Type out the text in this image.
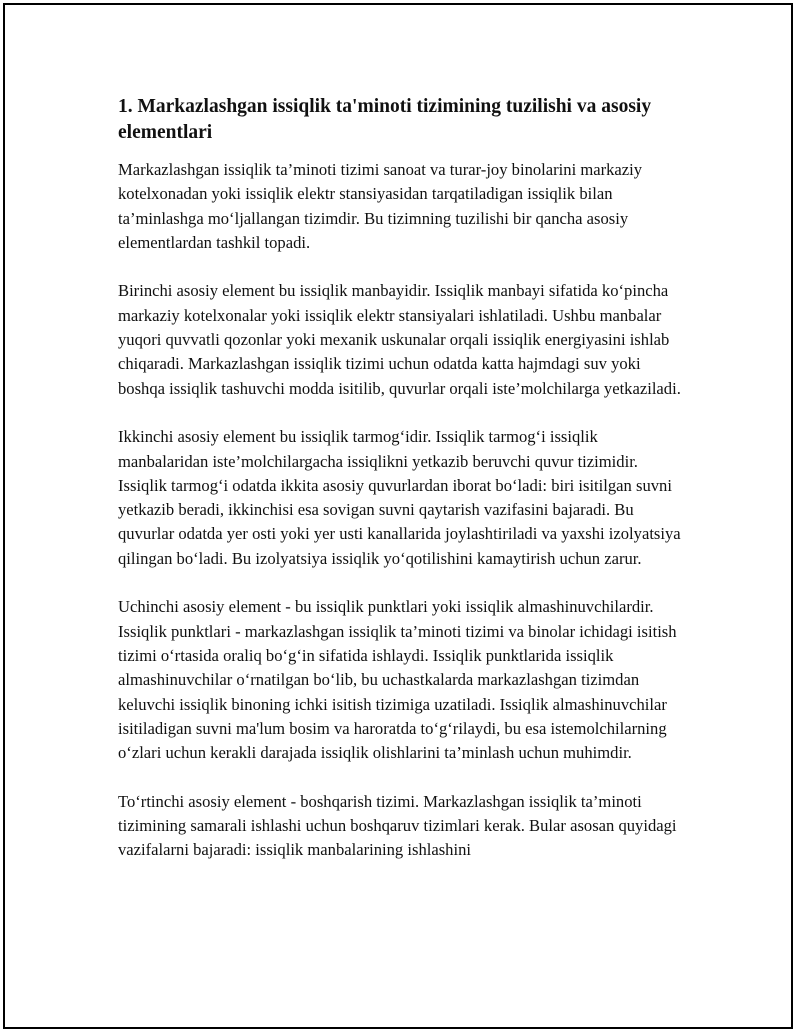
1. Markazlashgan issiqlik ta'minoti tizimining tuzilishi va asosiy elementlari

Markazlashgan issiqlik ta’minoti tizimi sanoat va turar-joy binolarini markaziy kotelxonadan yoki issiqlik elektr stansiyasidan tarqatiladigan issiqlik bilan ta’minlashga mo‘ljallangan tizimdir. Bu tizimning tuzilishi bir qancha asosiy elementlardan tashkil topadi.

Birinchi asosiy element bu issiqlik manbayidir. Issiqlik manbayi sifatida ko‘pincha markaziy kotelxonalar yoki issiqlik elektr stansiyalari ishlatiladi. Ushbu manbalar yuqori quvvatli qozonlar yoki mexanik uskunalar orqali issiqlik energiyasini ishlab chiqaradi. Markazlashgan issiqlik tizimi uchun odatda katta hajmdagi suv yoki boshqa issiqlik tashuvchi modda isitilib, quvurlar orqali iste’molchilarga yetkaziladi.

Ikkinchi asosiy element bu issiqlik tarmog‘idir. Issiqlik tarmog‘i issiqlik manbalaridan iste’molchilargacha issiqlikni yetkazib beruvchi quvur tizimidir. Issiqlik tarmog‘i odatda ikkita asosiy quvurlardan iborat bo‘ladi: biri isitilgan suvni yetkazib beradi, ikkinchisi esa sovigan suvni qaytarish vazifasini bajaradi. Bu quvurlar odatda yer osti yoki yer usti kanallarida joylashtiriladi va yaxshi izolyatsiya qilingan bo‘ladi. Bu izolyatsiya issiqlik yo‘qotilishini kamaytirish uchun zarur.

Uchinchi asosiy element - bu issiqlik punktlari yoki issiqlik almashinuvchilardir. Issiqlik punktlari - markazlashgan issiqlik ta’minoti tizimi va binolar ichidagi isitish tizimi o‘rtasida oraliq bo‘g‘in sifatida ishlaydi. Issiqlik punktlarida issiqlik almashinuvchilar o‘rnatilgan bo‘lib, bu uchastkalarda markazlashgan tizimdan keluvchi issiqlik binoning ichki isitish tizimiga uzatiladi. Issiqlik almashinuvchilar isitiladigan suvni ma'lum bosim va haroratda to‘g‘rilaydi, bu esa istemolchilarning o‘zlari uchun kerakli darajada issiqlik olishlarini ta’minlash uchun muhimdir.

To‘rtinchi asosiy element - boshqarish tizimi. Markazlashgan issiqlik ta’minoti tizimining samarali ishlashi uchun boshqaruv tizimlari kerak. Bular asosan quyidagi vazifalarni bajaradi: issiqlik manbalarining ishlashini
